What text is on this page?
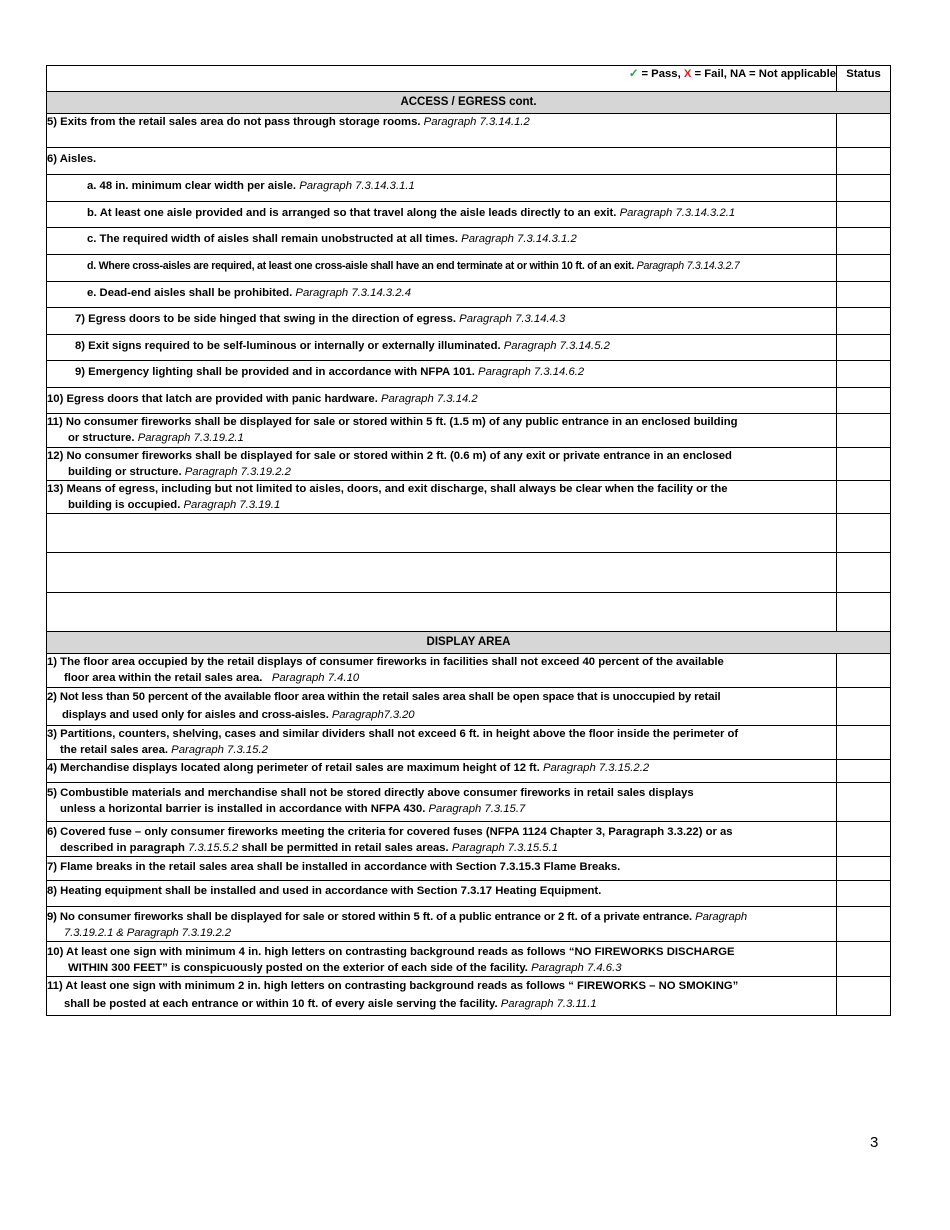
✓ = Pass, X = Fail, NA = Not applicable	Status
ACCESS / EGRESS cont.	
5) Exits from the retail sales area do not pass through storage rooms. Paragraph 7.3.14.1.2	
6) Aisles.	
a. 48 in. minimum clear width per aisle. Paragraph 7.3.14.3.1.1	
b. At least one aisle provided and is arranged so that travel along the aisle leads directly to an exit. Paragraph 7.3.14.3.2.1	
c. The required width of aisles shall remain unobstructed at all times. Paragraph 7.3.14.3.1.2	
d. Where cross-aisles are required, at least one cross-aisle shall have an end terminate at or within 10 ft. of an exit. Paragraph 7.3.14.3.2.7	
e. Dead-end aisles shall be prohibited. Paragraph 7.3.14.3.2.4	
7) Egress doors to be side hinged that swing in the direction of egress. Paragraph 7.3.14.4.3	
8) Exit signs required to be self-luminous or internally or externally illuminated. Paragraph 7.3.14.5.2	
9) Emergency lighting shall be provided and in accordance with NFPA 101. Paragraph 7.3.14.6.2	
10) Egress doors that latch are provided with panic hardware. Paragraph 7.3.14.2	
11) No consumer fireworks shall be displayed for sale or stored within 5 ft. (1.5 m) of any public entrance in an enclosed building
or structure. Paragraph 7.3.19.2.1	

12) No consumer fireworks shall be displayed for sale or stored within 2 ft. (0.6 m) of any exit or private entrance in an enclosed
building or structure. Paragraph 7.3.19.2.2	

13) Means of egress, including but not limited to aisles, doors, and exit discharge, shall always be clear when the facility or the
building is occupied. Paragraph 7.3.19.1	

DISPLAY AREA	
1) The floor area occupied by the retail displays of consumer fireworks in facilities shall not exceed 40 percent of the available
floor area within the retail sales area. Paragraph 7.4.10	

2) Not less than 50 percent of the available floor area within the retail sales area shall be open space that is unoccupied by retail
displays and used only for aisles and cross-aisles. Paragraph7.3.20	

3) Partitions, counters, shelving, cases and similar dividers shall not exceed 6 ft. in height above the floor inside the perimeter of
the retail sales area. Paragraph 7.3.15.2	

4) Merchandise displays located along perimeter of retail sales are maximum height of 12 ft. Paragraph 7.3.15.2.2	
5) Combustible materials and merchandise shall not be stored directly above consumer fireworks in retail sales displays
unless a horizontal barrier is installed in accordance with NFPA 430. Paragraph 7.3.15.7	

6) Covered fuse – only consumer fireworks meeting the criteria for covered fuses (NFPA 1124 Chapter 3, Paragraph 3.3.22) or as
described in paragraph 7.3.15.5.2 shall be permitted in retail sales areas. Paragraph 7.3.15.5.1	

7) Flame breaks in the retail sales area shall be installed in accordance with Section 7.3.15.3 Flame Breaks.	
8) Heating equipment shall be installed and used in accordance with Section 7.3.17 Heating Equipment.	
9) No consumer fireworks shall be displayed for sale or stored within 5 ft. of a public entrance or 2 ft. of a private entrance. Paragraph
7.3.19.2.1 & Paragraph 7.3.19.2.2	

10) At least one sign with minimum 4 in. high letters on contrasting background reads as follows “NO FIREWORKS DISCHARGE
WITHIN 300 FEET” is conspicuously posted on the exterior of each side of the facility. Paragraph 7.4.6.3	

11) At least one sign with minimum 2 in. high letters on contrasting background reads as follows “ FIREWORKS – NO SMOKING”
shall be posted at each entrance or within 10 ft. of every aisle serving the facility. Paragraph 7.3.11.1	

3
